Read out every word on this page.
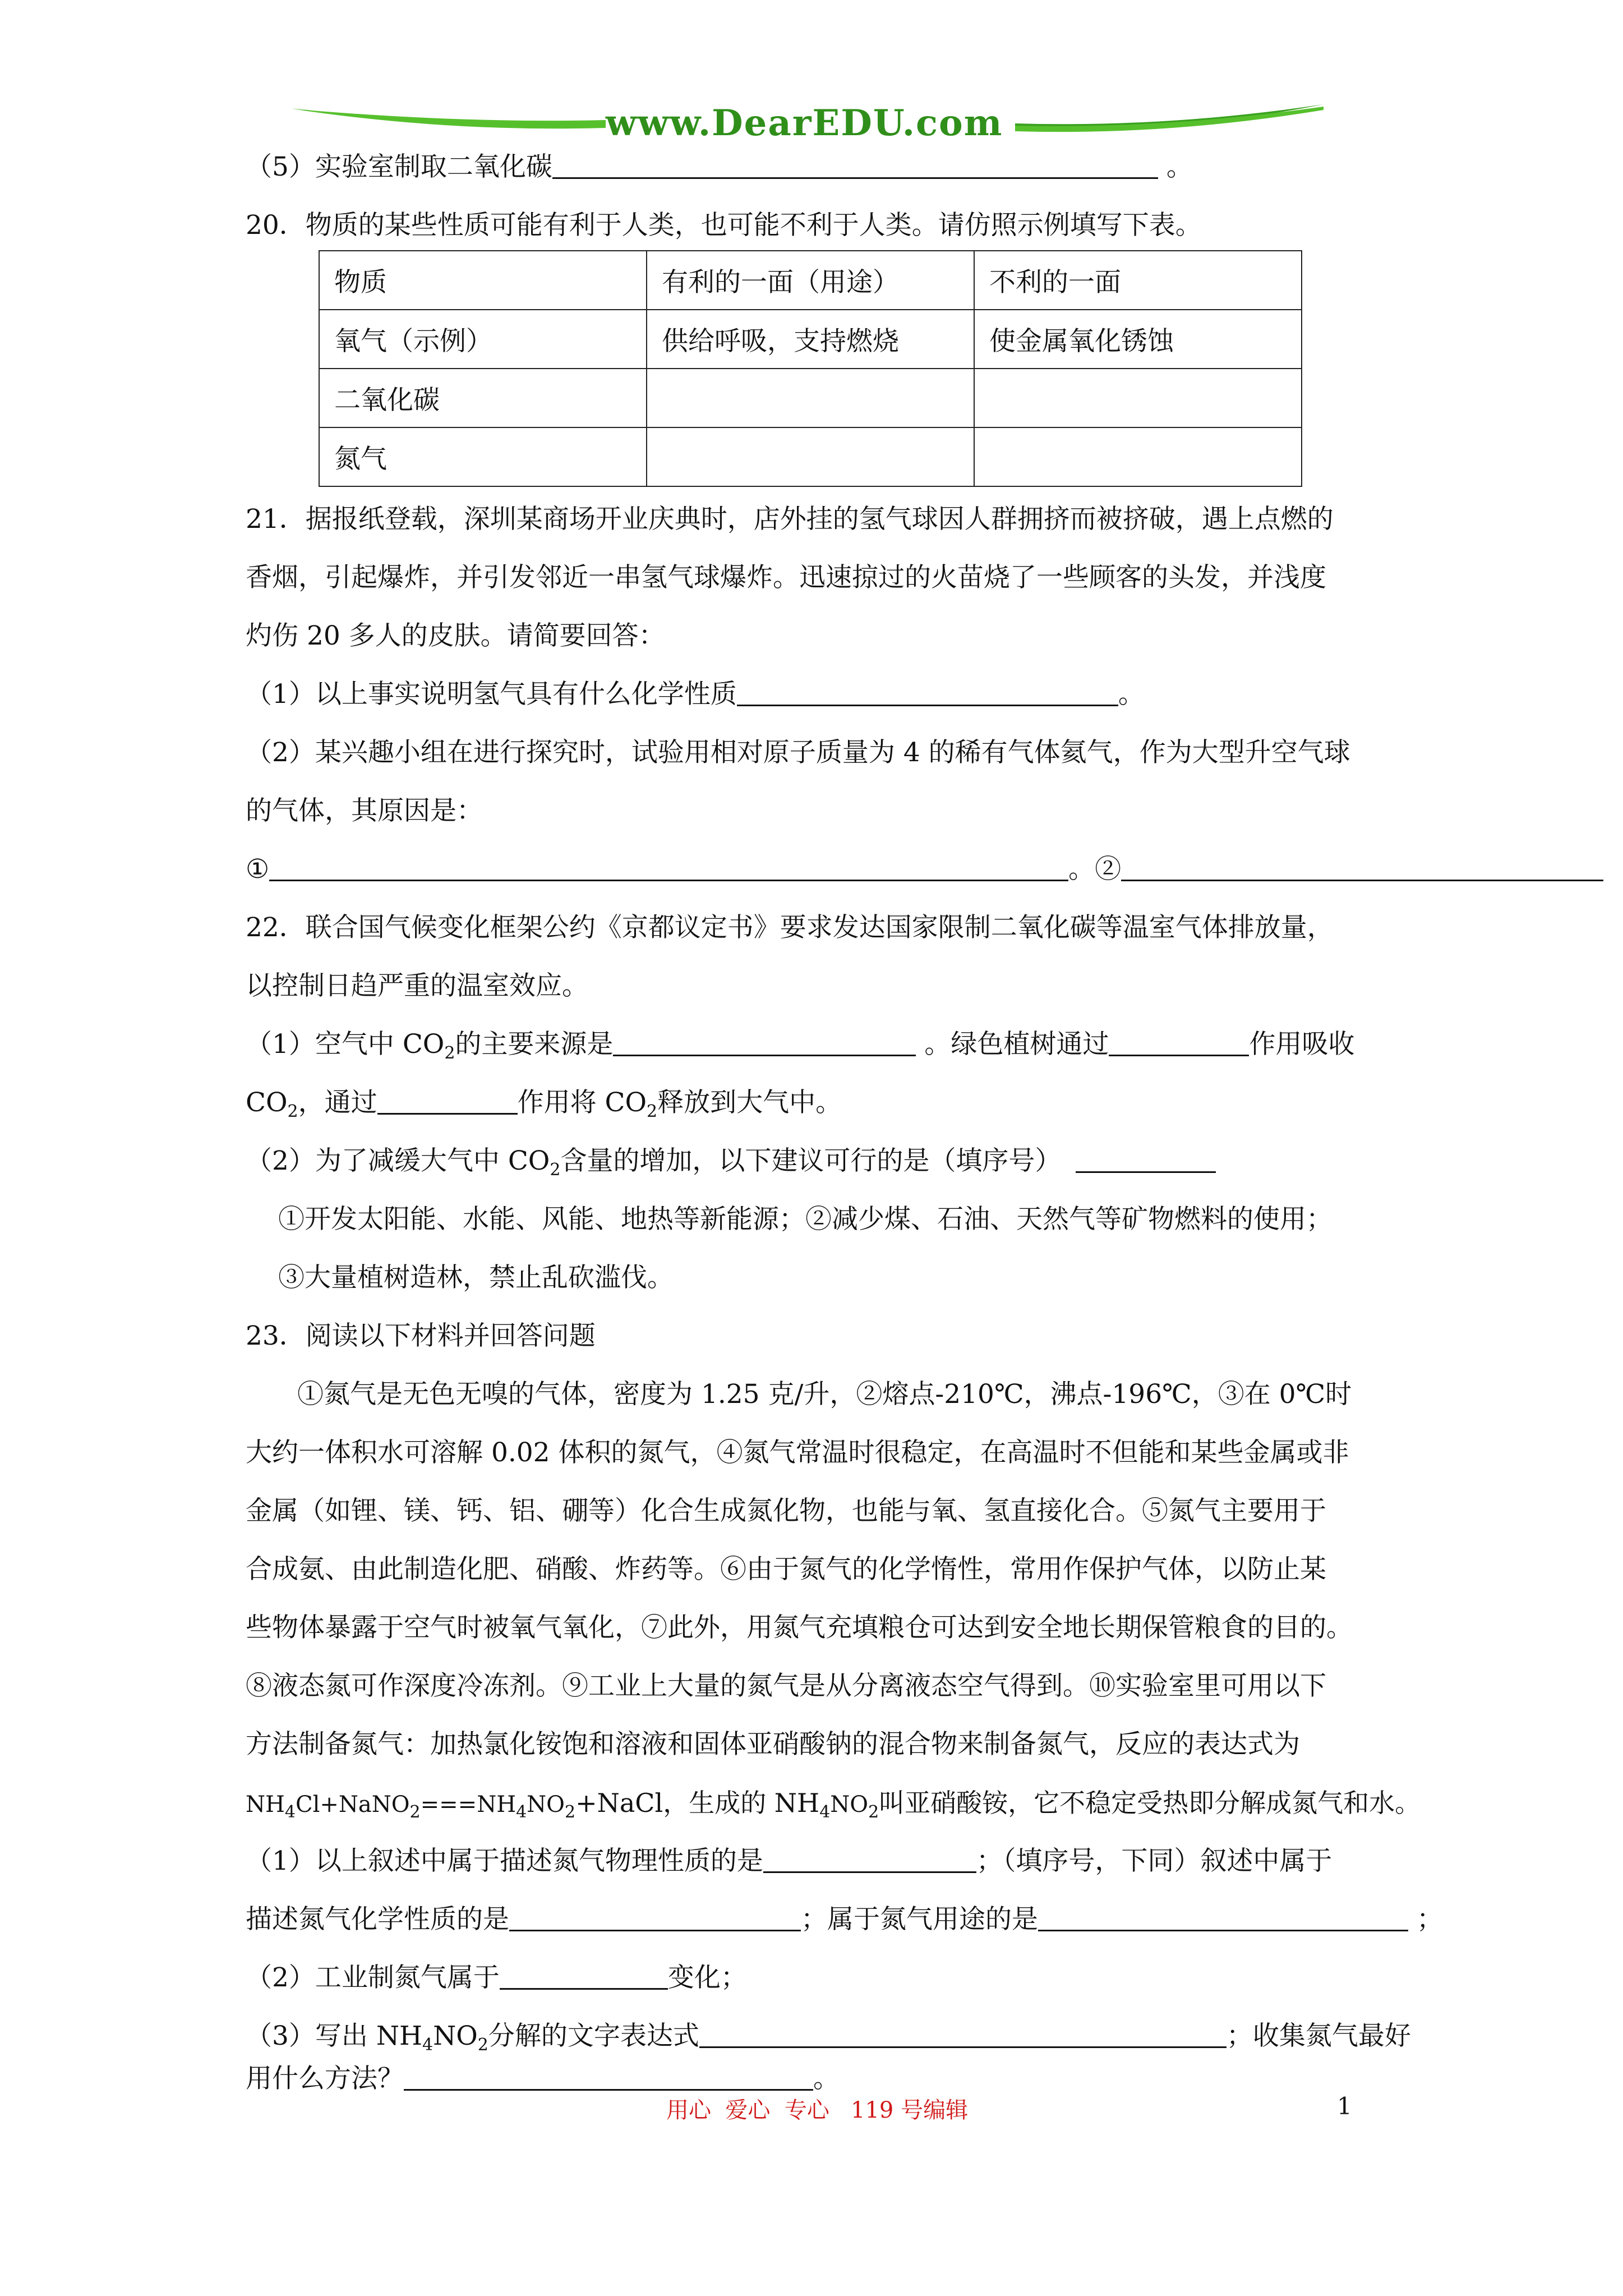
www.DearEDU.com
（5）实验室制取二氧化碳	。
20．物质的某些性质可能有利于人类，也可能不利于人类。请仿照示例填写下表。
物质	有利的一面（用途）	不利的一面
氧气（示例）	供给呼吸，支持燃烧	使金属氧化锈蚀
二氧化碳		
氮气		
21．据报纸登载，深圳某商场开业庆典时，店外挂的氢气球因人群拥挤而被挤破，遇上点燃的
香烟，引起爆炸，并引发邻近一串氢气球爆炸。迅速掠过的火苗烧了一些顾客的头发，并浅度
灼伤 20 多人的皮肤。请简要回答：
（1）以上事实说明氢气具有什么化学性质	。
（2）某兴趣小组在进行探究时，试验用相对原子质量为 4 的稀有气体氦气，作为大型升空气球
的气体，其原因是：
①	。②
22．联合国气候变化框架公约《京都议定书》要求发达国家限制二氧化碳等温室气体排放量，
以控制日趋严重的温室效应。
（1）空气中 $CO_2$的主要来源是	。绿色植树通过	作用吸收
$CO_2$，通过	作用将 $CO_2$释放到大气中。
（2）为了减缓大气中 $CO_2$含量的增加，以下建议可行的是（填序号）
①开发太阳能、水能、风能、地热等新能源；②减少煤、石油、天然气等矿物燃料的使用；
③大量植树造林，禁止乱砍滥伐。
23．阅读以下材料并回答问题
①氮气是无色无嗅的气体，密度为 1.25 克/升，②熔点-210℃，沸点-196℃，③在 0℃时
大约一体积水可溶解 0.02 体积的氮气，④氮气常温时很稳定，在高温时不但能和某些金属或非
金属（如锂、镁、钙、铝、硼等）化合生成氮化物，也能与氧、氢直接化合。⑤氮气主要用于
合成氨、由此制造化肥、硝酸、炸药等。⑥由于氮气的化学惰性，常用作保护气体，以防止某
些物体暴露于空气时被氧气氧化，⑦此外，用氮气充填粮仓可达到安全地长期保管粮食的目的。
⑧液态氮可作深度冷冻剂。⑨工业上大量的氮气是从分离液态空气得到。⑩实验室里可用以下
方法制备氮气：加热氯化铵饱和溶液和固体亚硝酸钠的混合物来制备氮气，反应的表达式为
$NH_4Cl+NaNO_2===NH_4NO_2+NaCl$，生成的 $NH_4NO_2$叫亚硝酸铵，它不稳定受热即分解成氮气和水。
（1）以上叙述中属于描述氮气物理性质的是	；（填序号，下同）叙述中属于
描述氮气化学性质的是	；属于氮气用途的是	；
（2）工业制氮气属于	变化；
（3）写出 $NH_4NO_2$分解的文字表达式	；收集氮气最好
用什么方法？	。
用心  爱心  专心   119 号编辑	1
